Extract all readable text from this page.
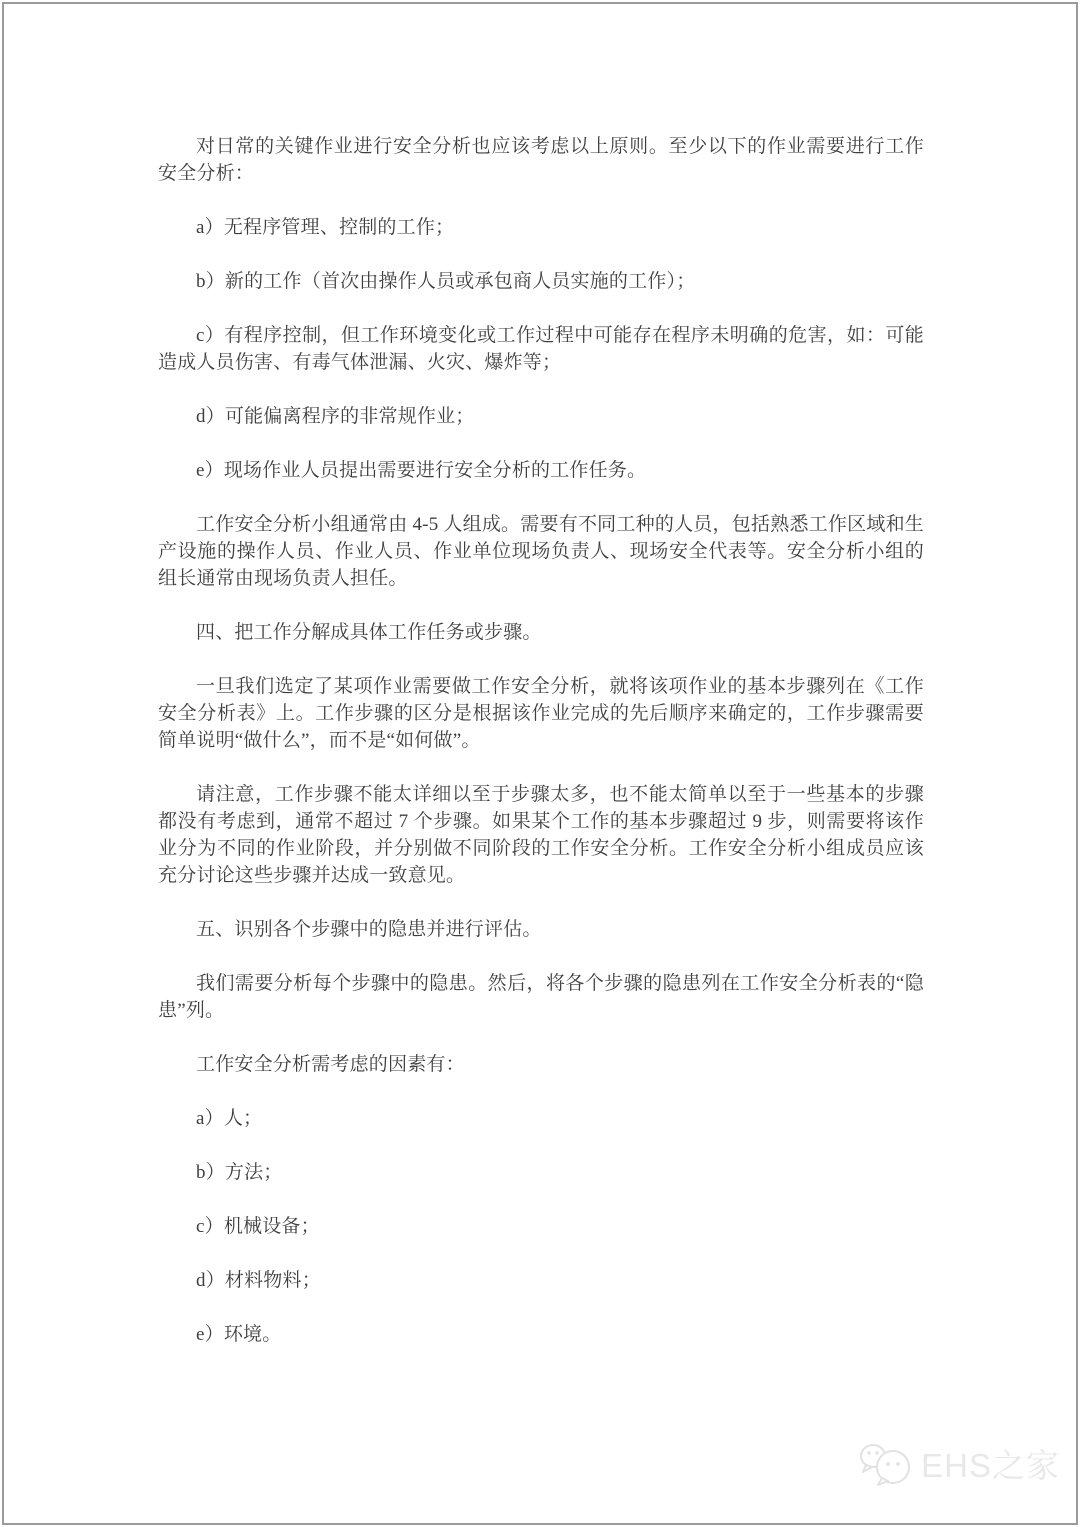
对日常的关键作业进行安全分析也应该考虑以上原则。至少以下的作业需要进行工作安全分析：

a）无程序管理、控制的工作；

b）新的工作（首次由操作人员或承包商人员实施的工作）；

c）有程序控制，但工作环境变化或工作过程中可能存在程序未明确的危害，如：可能造成人员伤害、有毒气体泄漏、火灾、爆炸等；

d）可能偏离程序的非常规作业；

e）现场作业人员提出需要进行安全分析的工作任务。

工作安全分析小组通常由 4-5 人组成。需要有不同工种的人员，包括熟悉工作区域和生产设施的操作人员、作业人员、作业单位现场负责人、现场安全代表等。安全分析小组的组长通常由现场负责人担任。

四、把工作分解成具体工作任务或步骤。

一旦我们选定了某项作业需要做工作安全分析，就将该项作业的基本步骤列在《工作安全分析表》上。工作步骤的区分是根据该作业完成的先后顺序来确定的，工作步骤需要简单说明“做什么”，而不是“如何做”。

请注意，工作步骤不能太详细以至于步骤太多，也不能太简单以至于一些基本的步骤都没有考虑到，通常不超过 7 个步骤。如果某个工作的基本步骤超过 9 步，则需要将该作业分为不同的作业阶段，并分别做不同阶段的工作安全分析。工作安全分析小组成员应该充分讨论这些步骤并达成一致意见。

五、识别各个步骤中的隐患并进行评估。

我们需要分析每个步骤中的隐患。然后，将各个步骤的隐患列在工作安全分析表的“隐患”列。

工作安全分析需考虑的因素有：

a）人；

b）方法；

c）机械设备；

d）材料物料；

e）环境。

EHS之家
